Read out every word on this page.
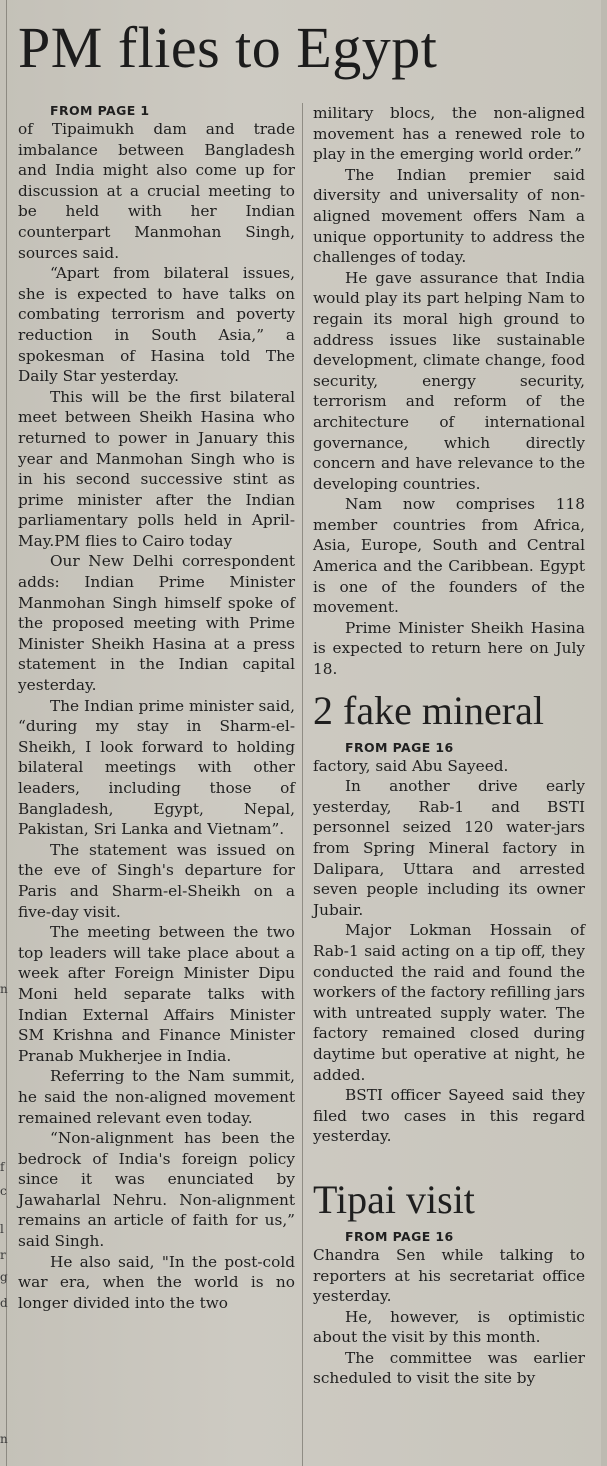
n
r
g
d
f
c
l
n
PM flies to Egypt

FROM PAGE 1

of Tipaimukh dam and trade imbalance between Bangladesh and India might also come up for discussion at a crucial meeting to be held with her Indian counterpart Manmohan Singh, sources said.

“Apart from bilateral issues, she is expected to have talks on combating terrorism and poverty reduction in South Asia,” a spokesman of Hasina told The Daily Star yesterday.

This will be the first bilateral meet between Sheikh Hasina who returned to power in January this year and Manmohan Singh who is in his second successive stint as prime minister after the Indian parliamentary polls held in April-May.PM flies to Cairo today

Our New Delhi correspondent adds: Indian Prime Minister Manmohan Singh himself spoke of the proposed meeting with Prime Minister Sheikh Hasina at a press statement in the Indian capital yesterday.

The Indian prime minister said, “during my stay in Sharm-el-Sheikh, I look forward to holding bilateral meetings with other leaders, including those of Bangladesh, Egypt, Nepal, Pakistan, Sri Lanka and Vietnam”.

The statement was issued on the eve of Singh's departure for Paris and Sharm-el-Sheikh on a five-day visit.

The meeting between the two top leaders will take place about a week after Foreign Minister Dipu Moni held separate talks with Indian External Affairs Minister SM Krishna and Finance Minister Pranab Mukherjee in India.

Referring to the Nam summit, he said the non-aligned movement remained relevant even today.

“Non-alignment has been the bedrock of India's foreign policy since it was enunciated by Jawaharlal Nehru. Non-alignment remains an article of faith for us,” said Singh.

He also said, "In the post-cold war era, when the world is no longer divided into the two

military blocs, the non-aligned movement has a renewed role to play in the emerging world order.”

The Indian premier said diversity and universality of non-aligned movement offers Nam a unique opportunity to address the challenges of today.

He gave assurance that India would play its part helping Nam to regain its moral high ground to address issues like sustainable development, climate change, food security, energy security, terrorism and reform of the architecture of international governance, which directly concern and have relevance to the developing countries.

Nam now comprises 118 member countries from Africa, Asia, Europe, South and Central America and the Caribbean. Egypt is one of the founders of the movement.

Prime Minister Sheikh Hasina is expected to return here on July 18.

2 fake mineral

FROM PAGE 16

factory, said Abu Sayeed.

In another drive early yesterday, Rab-1 and BSTI personnel seized 120 water-jars from Spring Mineral factory in Dalipara, Uttara and arrested seven people including its owner Jubair.

Major Lokman Hossain of Rab-1 said acting on a tip off, they conducted the raid and found the workers of the factory refilling jars with untreated supply water. The factory remained closed during daytime but operative at night, he added.

BSTI officer Sayeed said they filed two cases in this regard yesterday.

Tipai visit

FROM PAGE 16

Chandra Sen while talking to reporters at his secretariat office yesterday.

He, however, is optimistic about the visit by this month.

The committee was earlier scheduled to visit the site by
